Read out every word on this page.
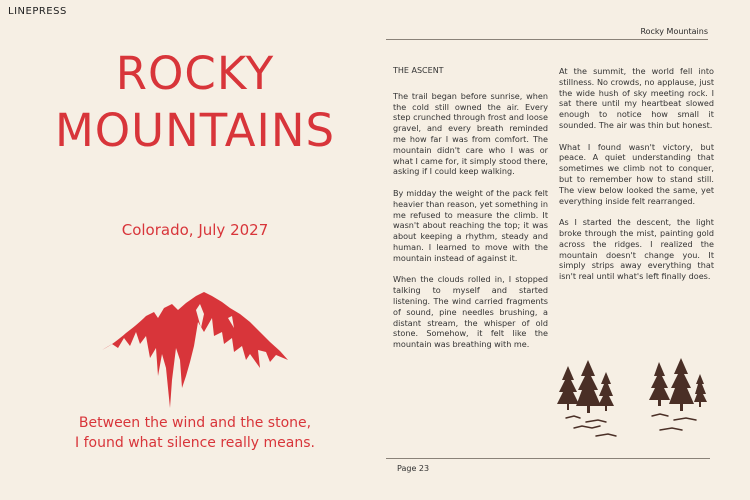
LINEPRESS
Rocky Mountains
ROCKY
MOUNTAINS
Colorado, July 2027
Between the wind and the stone,
I found what silence really means.
THE ASCENT

The trail began before sunrise, when the cold still owned the air. Every step crunched through frost and loose gravel, and every breath reminded me how far I was from comfort. The mountain didn't care who I was or what I came for, it simply stood there, asking if I could keep walking.

By midday the weight of the pack felt heavier than reason, yet something in me refused to measure the climb. It wasn't about reaching the top; it was about keeping a rhythm, steady and human. I learned to move with the mountain instead of against it.

When the clouds rolled in, I stopped talking to myself and started listening. The wind carried fragments of sound, pine needles brushing, a distant stream, the whisper of old stone. Somehow, it felt like the mountain was breathing with me.

At the summit, the world fell into stillness. No crowds, no applause, just the wide hush of sky meeting rock. I sat there until my heartbeat slowed enough to notice how small it sounded. The air was thin but honest.

What I found wasn't victory, but peace. A quiet understanding that sometimes we climb not to conquer, but to remember how to stand still. The view below looked the same, yet everything inside felt rearranged.

As I started the descent, the light broke through the mist, painting gold across the ridges. I realized the mountain doesn't change you. It simply strips away everything that isn't real until what's left finally does.

Page 23
